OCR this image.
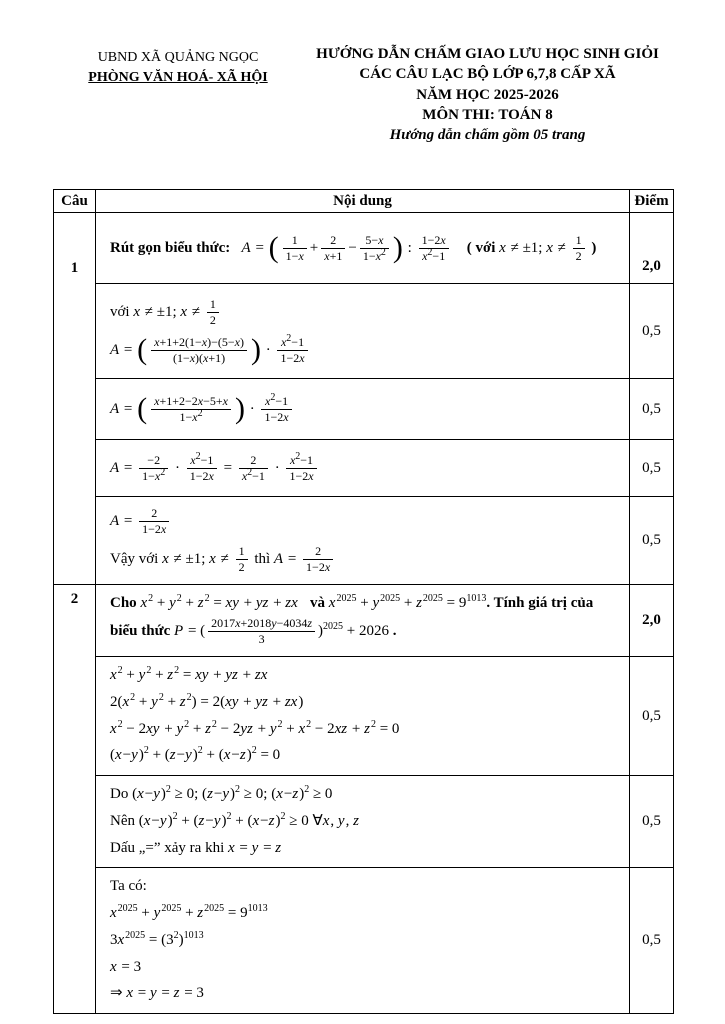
UBND XÃ QUẢNG NGỌC
PHÒNG VĂN HOÁ- XÃ HỘI
HƯỚNG DẪN CHẤM GIAO LƯU HỌC SINH GIỎI
CÁC CÂU LẠC BỘ LỚP 6,7,8 CẤP XÃ
NĂM HỌC 2025-2026
MÔN THI: TOÁN 8
Hướng dẫn chấm gồm 05 trang
Câu	Nội dung	Điểm

1

Rút gọn biểu thức:   A = ( $\frac{1}{1-x} + \frac{2}{x+1} - \frac{5-x}{1-x^2}$ ) : $\frac{1-2x}{x^2-1}$ ( với x ≠ ±1; $x \ne \frac{1}{2}$ )
	2,0

với x ≠ ±1; $x \ne \frac{1}{2}$
A = ( $\frac{x+1+2(1-x)-(5-x)}{(1-x)(x+1)}$ ) · $\frac{x^2-1}{1-2x}$
	0,5

A = ( $\frac{x+1+2-2x-5+x}{1-x^2}$ ) · $\frac{x^2-1}{1-2x}$	0,5

$A = \frac{-2}{1-x^2} \cdot \frac{x^2-1}{1-2x} = \frac{2}{x^2-1} \cdot \frac{x^2-1}{1-2x}$	0,5

$A = \frac{2}{1-2x}$
Vậy với x ≠ ±1; $x \ne \frac{1}{2}$ thì $A = \frac{2}{1-2x}$
	0,5

2	Cho $x^2 + y^2 + z^2$ = xy + yz + zx   và $x^{2025} + y^{2025} + z^{2025} = 9^{1013}$. Tính giá trị của biểu thức P = ( $\frac{2017x+2018y-4034z}{3} )^{2025} + 2026$ .	2,0

	$x^2 + y^2 + z^2$ = xy + yz + zx
$2(x^2 + y^2 + z^2) = 2(xy$ + yz + zx)
$x^2 - 2xy + y^2 + z^2 - 2yz + y^2 + x^2 - 2xz + z^2 = 0$
$(x-y)^2 + (z-y)^2 + (x-z)^2 = 0$	0,5

	Do $(x-y)^2 \ge 0$; $(z-y)^2 \ge 0$; $(x-z)^2 \ge 0$
Nên $(x-y)^2 + (z-y)^2 + (x-z)^2 \ge 0$ ∀x, y, z
Dấu „=” xảy ra khi x = y = z	0,5

	Ta có:
$x^{2025} + y^{2025} + z^{2025} = 9^{1013}$
$3x^{2025} = (3^2)^{1013}$
x = 3
⇒ x = y = z = 3	0,5
